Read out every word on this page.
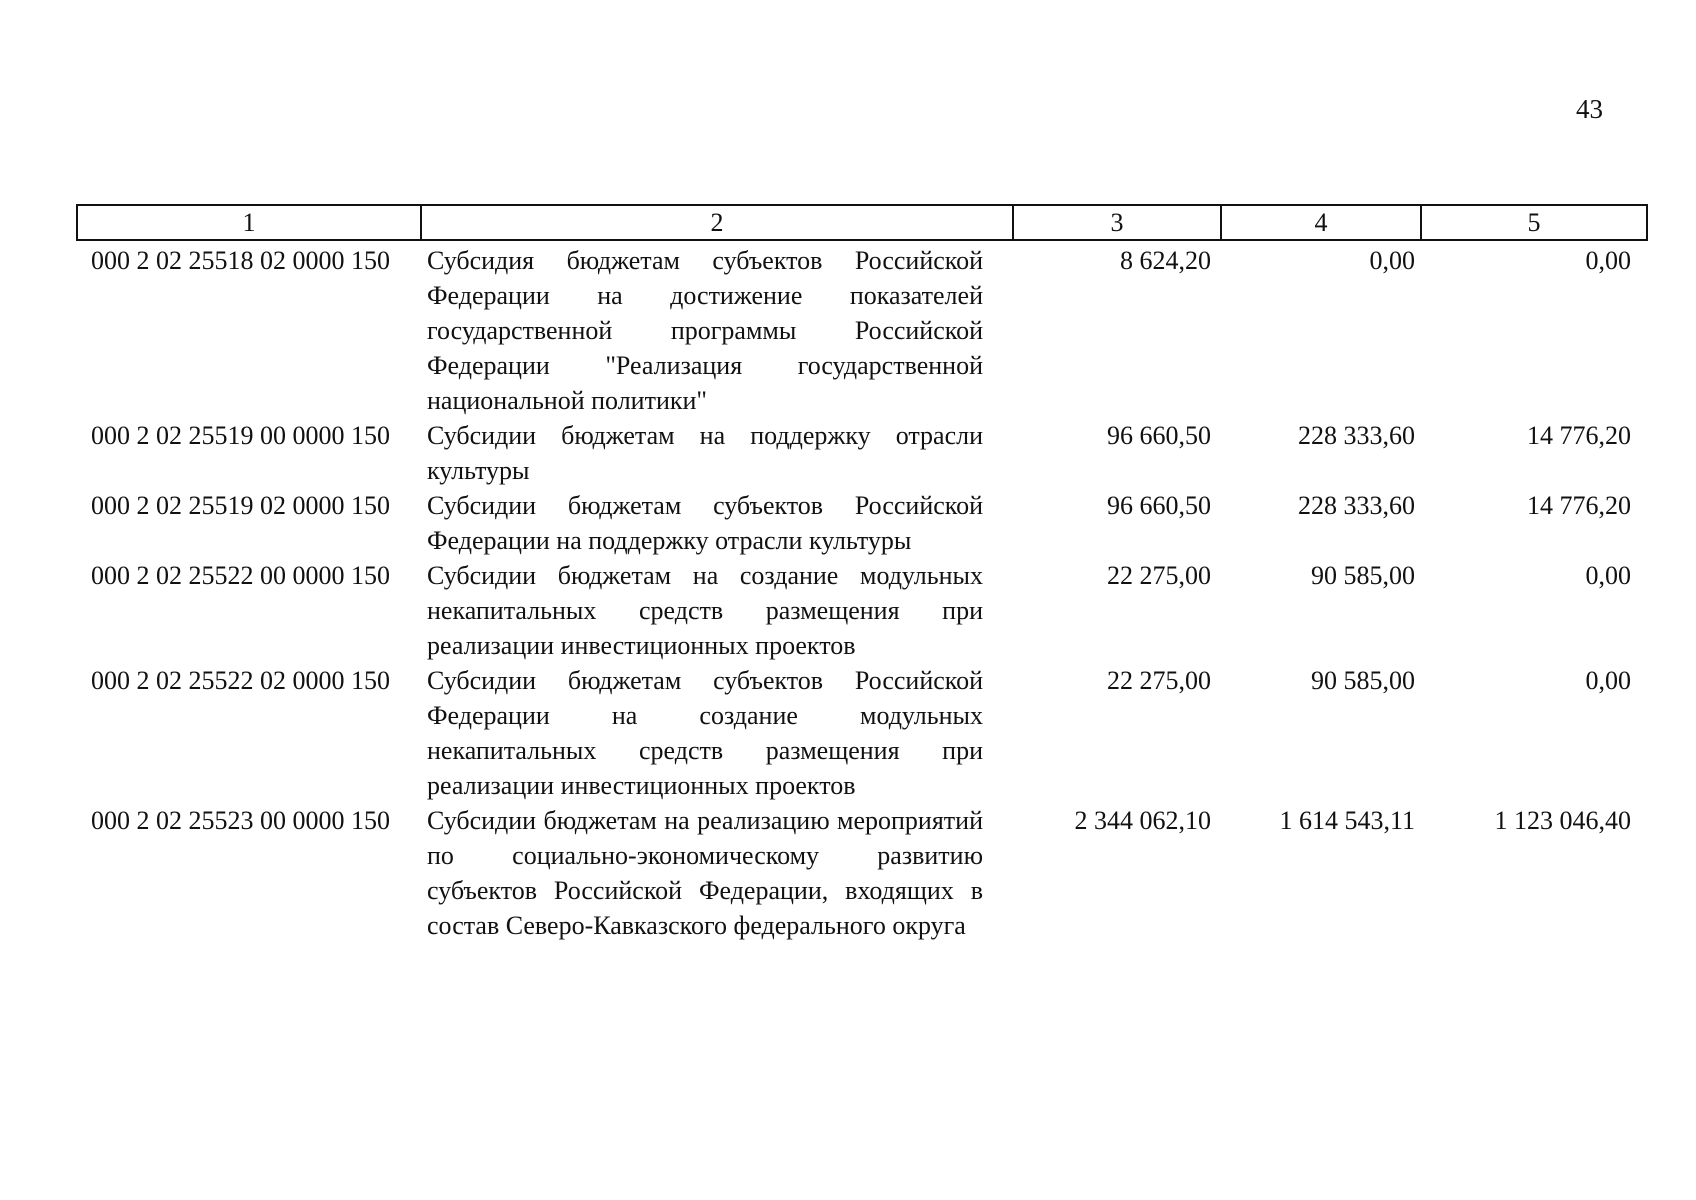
43
1	2	3	4	5
000 2 02 25518 02 0000 150	Субсидия бюджетам субъектов Российской Федерации на достижение показателей государственной программы Российской Федерации "Реализация государственной национальной политики"	8 624,20	0,00	0,00
000 2 02 25519 00 0000 150	Субсидии бюджетам на поддержку отрасли культуры	96 660,50	228 333,60	14 776,20
000 2 02 25519 02 0000 150	Субсидии бюджетам субъектов Российской Федерации на поддержку отрасли культуры	96 660,50	228 333,60	14 776,20
000 2 02 25522 00 0000 150	Субсидии бюджетам на создание модульных некапитальных средств размещения при реализации инвестиционных проектов	22 275,00	90 585,00	0,00
000 2 02 25522 02 0000 150	Субсидии бюджетам субъектов Российской Федерации на создание модульных некапитальных средств размещения при реализации инвестиционных проектов	22 275,00	90 585,00	0,00
000 2 02 25523 00 0000 150	Субсидии бюджетам на реализацию мероприятий по социально-экономическому развитию субъектов Российской Федерации, входящих в состав Северо-Кавказского федерального округа	2 344 062,10	1 614 543,11	1 123 046,40
